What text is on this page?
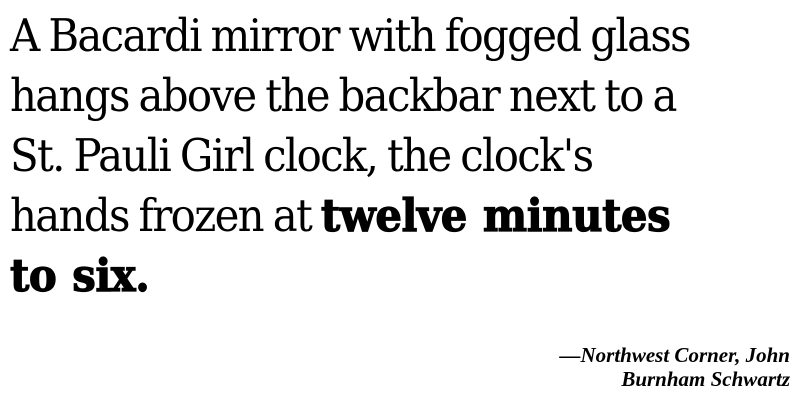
A Bacardi mirror with fogged glass
hangs above the backbar next to a
St. Pauli Girl clock, the clock's
hands frozen at twelve minutes
to six.

—Northwest Corner, John
Burnham Schwartz
